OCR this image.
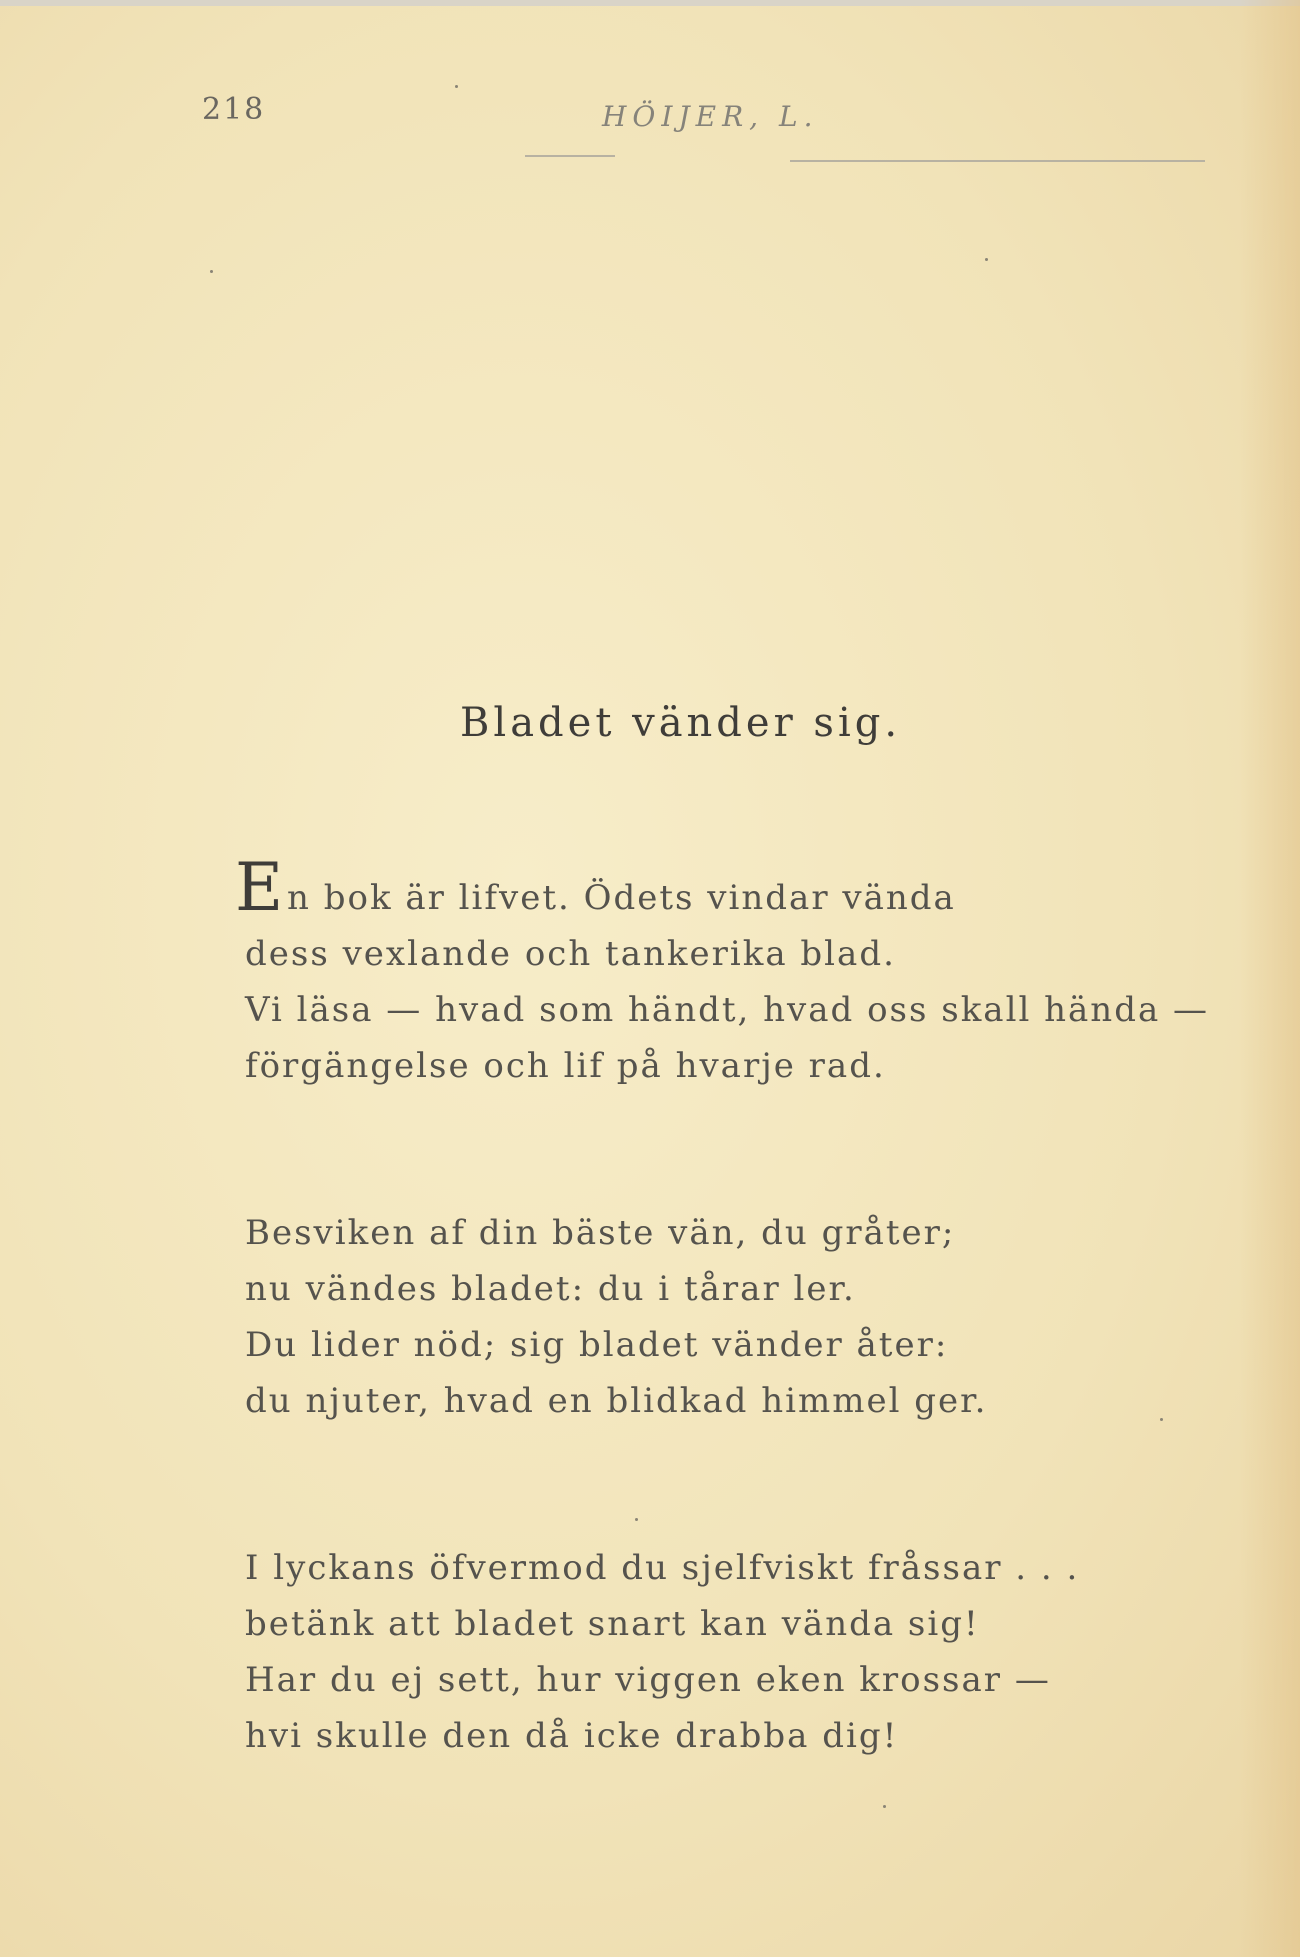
218	HÖIJER, L.
Bladet vänder sig.
E n bok är lifvet. Ödets vindar vända
dess vexlande och tankerika blad.
Vi läsa — hvad som händt, hvad oss skall hända —
förgängelse och lif på hvarje rad.
Besviken af din bäste vän, du gråter;
nu vändes bladet: du i tårar ler.
Du lider nöd; sig bladet vänder åter:
du njuter, hvad en blidkad himmel ger.
I lyckans öfvermod du sjelfviskt fråssar . . .
betänk att bladet snart kan vända sig!
Har du ej sett, hur viggen eken krossar —
hvi skulle den då icke drabba dig!
